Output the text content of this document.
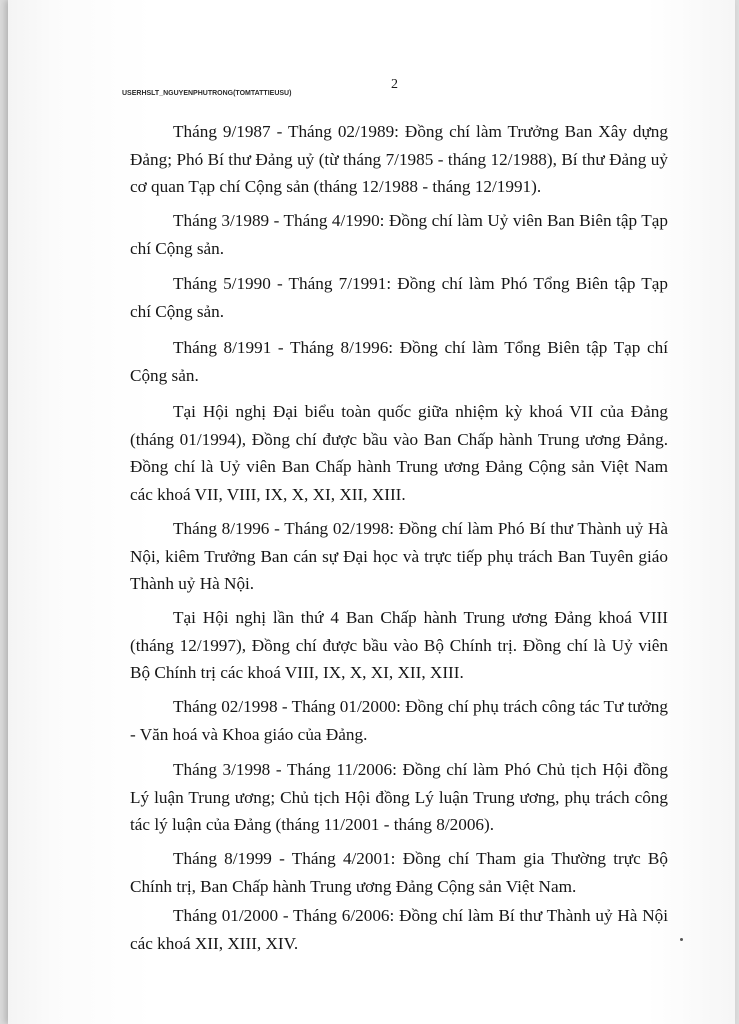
USERHSLT_NGUYENPHUTRONG(TOMTATTIEUSU)
2

Tháng 9/1987 - Tháng 02/1989: Đồng chí làm Trưởng Ban Xây dựng Đảng; Phó Bí thư Đảng uỷ (từ tháng 7/1985 - tháng 12/1988), Bí thư Đảng uỷ cơ quan Tạp chí Cộng sản (tháng 12/1988 - tháng 12/1991).

Tháng 3/1989 - Tháng 4/1990: Đồng chí làm Uỷ viên Ban Biên tập Tạp chí Cộng sản.

Tháng 5/1990 - Tháng 7/1991: Đồng chí làm Phó Tổng Biên tập Tạp chí Cộng sản.

Tháng 8/1991 - Tháng 8/1996: Đồng chí làm Tổng Biên tập Tạp chí Cộng sản.

Tại Hội nghị Đại biểu toàn quốc giữa nhiệm kỳ khoá VII của Đảng (tháng 01/1994), Đồng chí được bầu vào Ban Chấp hành Trung ương Đảng. Đồng chí là Uỷ viên Ban Chấp hành Trung ương Đảng Cộng sản Việt Nam các khoá VII, VIII, IX, X, XI, XII, XIII.

Tháng 8/1996 - Tháng 02/1998: Đồng chí làm Phó Bí thư Thành uỷ Hà Nội, kiêm Trưởng Ban cán sự Đại học và trực tiếp phụ trách Ban Tuyên giáo Thành uỷ Hà Nội.

Tại Hội nghị lần thứ 4 Ban Chấp hành Trung ương Đảng khoá VIII (tháng 12/1997), Đồng chí được bầu vào Bộ Chính trị. Đồng chí là Uỷ viên Bộ Chính trị các khoá VIII, IX, X, XI, XII, XIII.

Tháng 02/1998 - Tháng 01/2000: Đồng chí phụ trách công tác Tư tưởng - Văn hoá và Khoa giáo của Đảng.

Tháng 3/1998 - Tháng 11/2006: Đồng chí làm Phó Chủ tịch Hội đồng Lý luận Trung ương; Chủ tịch Hội đồng Lý luận Trung ương, phụ trách công tác lý luận của Đảng (tháng 11/2001 - tháng 8/2006).

Tháng 8/1999 - Tháng 4/2001: Đồng chí Tham gia Thường trực Bộ Chính trị, Ban Chấp hành Trung ương Đảng Cộng sản Việt Nam.

Tháng 01/2000 - Tháng 6/2006: Đồng chí làm Bí thư Thành uỷ Hà Nội các khoá XII, XIII, XIV.
